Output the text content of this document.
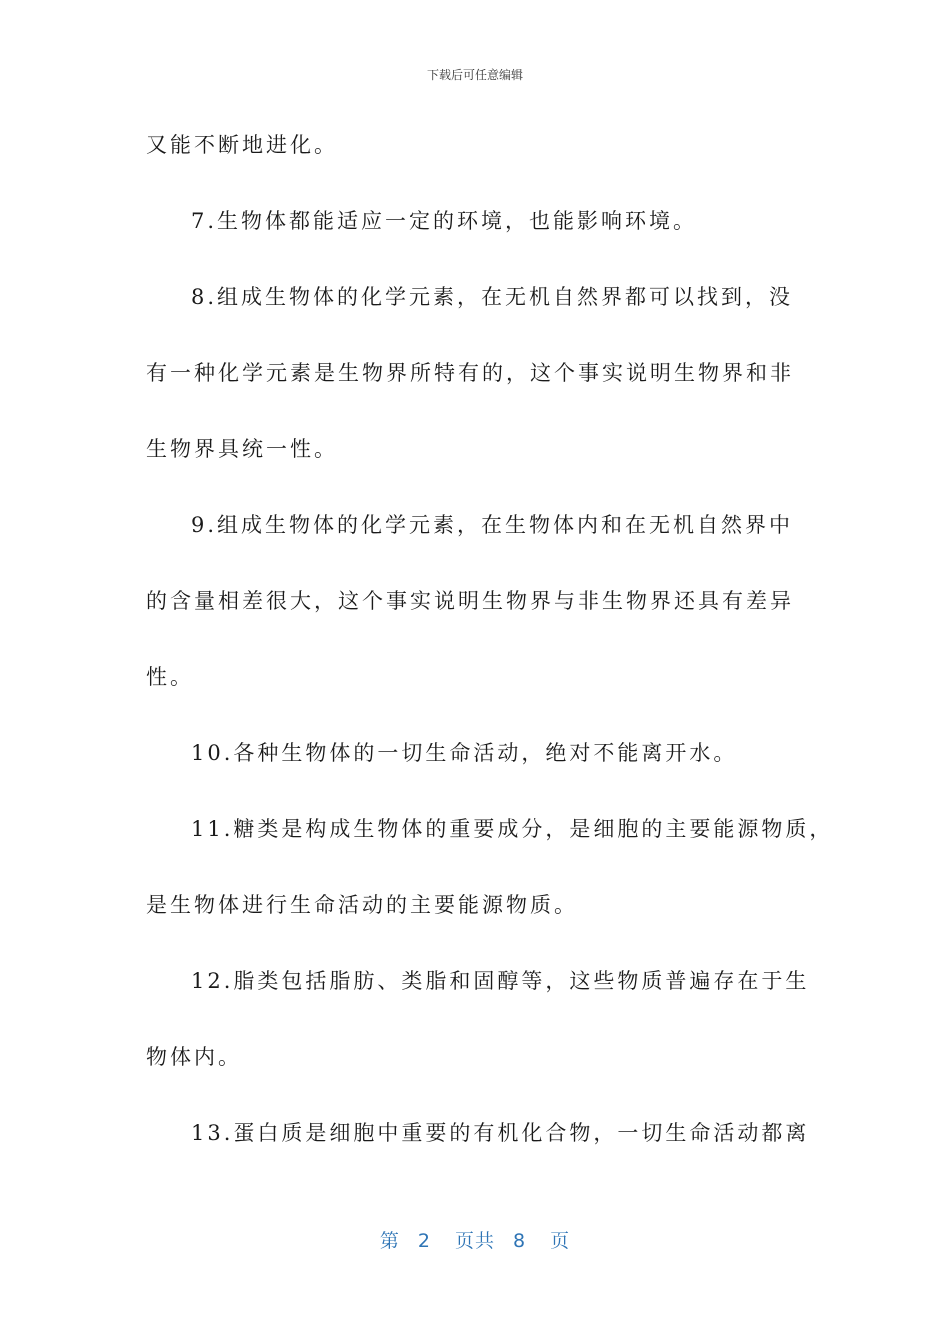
下载后可任意编辑
又能不断地进化。
7.生物体都能适应一定的环境，也能影响环境。
8.组成生物体的化学元素，在无机自然界都可以找到，没
有一种化学元素是生物界所特有的，这个事实说明生物界和非
生物界具统一性。
9.组成生物体的化学元素，在生物体内和在无机自然界中
的含量相差很大，这个事实说明生物界与非生物界还具有差异
性。
10.各种生物体的一切生命活动，绝对不能离开水。
11.糖类是构成生物体的重要成分，是细胞的主要能源物质，
是生物体进行生命活动的主要能源物质。
12.脂类包括脂肪、类脂和固醇等，这些物质普遍存在于生
物体内。
13.蛋白质是细胞中重要的有机化合物，一切生命活动都离
第 2 页共 8 页
